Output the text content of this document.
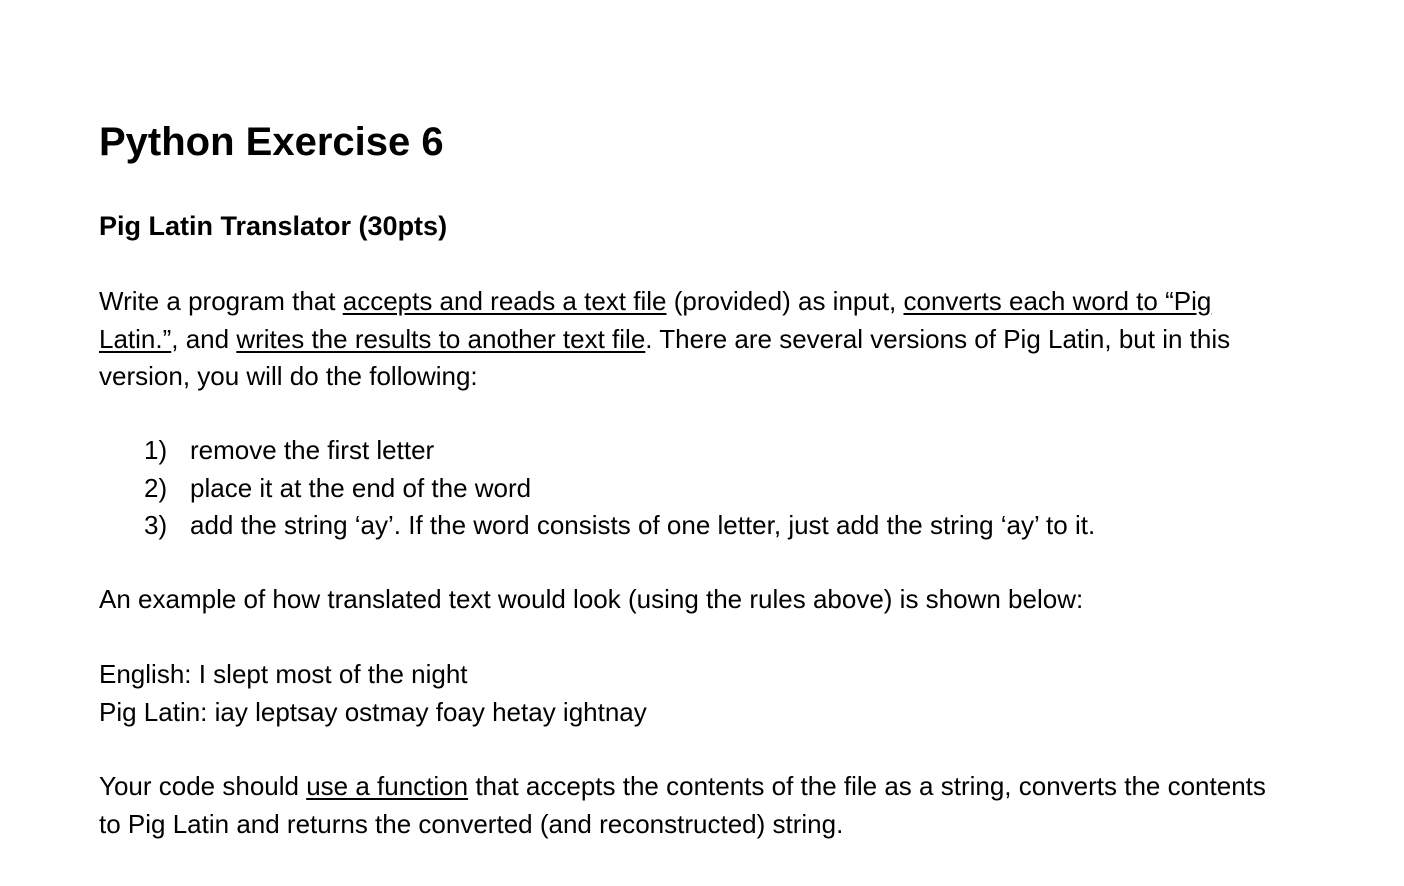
Python Exercise 6
Pig Latin Translator (30pts)

Write a program that accepts and reads a text file (provided) as input, converts each word to “Pig Latin.”, and writes the results to another text file. There are several versions of Pig Latin, but in this version, you will do the following:

1) remove the first letter
2) place it at the end of the word
3) add the string ‘ay’. If the word consists of one letter, just add the string ‘ay’ to it.

An example of how translated text would look (using the rules above) is shown below:

English: I slept most of the night
Pig Latin: iay leptsay ostmay foay hetay ightnay

Your code should use a function that accepts the contents of the file as a string, converts the contents to Pig Latin and returns the converted (and reconstructed) string.
